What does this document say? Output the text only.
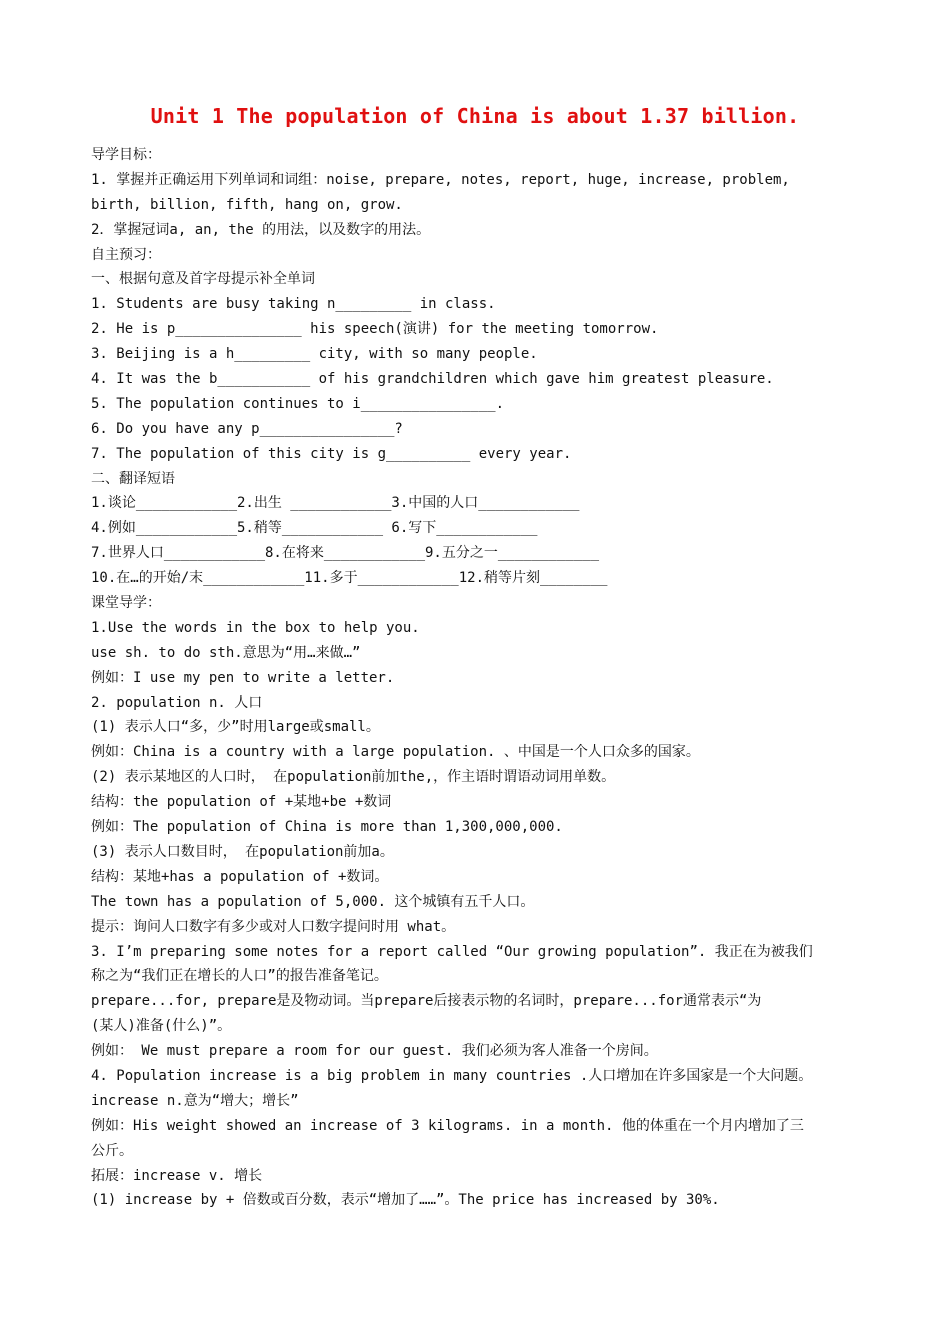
Unit 1 The population of China is about 1.37 billion.
导学目标：
1. 掌握并正确运用下列单词和词组：noise, prepare, notes, report, huge, increase, problem,
birth, billion, fifth, hang on, grow.
2．掌握冠词a, an, the 的用法，以及数字的用法。
自主预习：
一、根据句意及首字母提示补全单词
1. Students are busy taking n_________ in class.
2. He is p_______________ his speech(演讲) for the meeting tomorrow.
3. Beijing is a h_________ city, with so many people.
4. It was the b___________ of his grandchildren which gave him greatest pleasure.
5. The population continues to i________________.
6. Do you have any p________________?
7. The population of this city is g__________ every year.
二、翻译短语
1.谈论____________2.出生 ____________3.中国的人口____________
4.例如____________5.稍等____________ 6.写下____________
7.世界人口____________8.在将来____________9.五分之一____________
10.在…的开始/末____________11.多于____________12.稍等片刻________
课堂导学：
1.Use the words in the box to help you.
use sh. to do sth.意思为“用…来做…”
例如：I use my pen to write a letter.
2. population n. 人口
(1) 表示人口“多，少”时用large或small。
例如：China is a country with a large population. 、中国是一个人口众多的国家。
(2) 表示某地区的人口时， 在population前加the,，作主语时谓语动词用单数。
结构：the population of +某地+be +数词
例如：The population of China is more than 1,300,000,000.
(3) 表示人口数目时， 在population前加a。
结构：某地+has a population of +数词。
The town has a population of 5,000. 这个城镇有五千人口。
提示：询问人口数字有多少或对人口数字提问时用 what。
3. I’m preparing some notes for a report called “Our growing population”. 我正在为被我们
称之为“我们正在增长的人口”的报告准备笔记。
prepare...for, prepare是及物动词。当prepare后接表示物的名词时，prepare...for通常表示“为
(某人)准备(什么)”。
例如： We must prepare a room for our guest. 我们必须为客人准备一个房间。
4. Population increase is a big problem in many countries .人口增加在许多国家是一个大问题。
increase n.意为“增大；增长”
例如：His weight showed an increase of 3 kilograms. in a month. 他的体重在一个月内增加了三
公斤。
拓展：increase v. 增长
(1) increase by + 倍数或百分数，表示“增加了……”。The price has increased by 30%.
